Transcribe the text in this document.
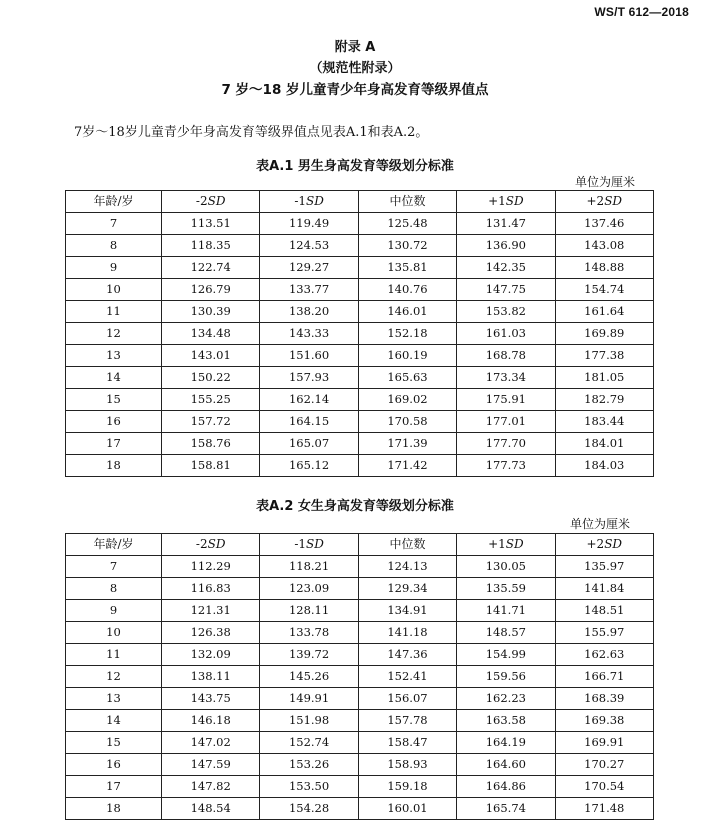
WS/T 612—2018
附录 A
（规范性附录）
7 岁～18 岁儿童青少年身高发育等级界值点
7岁～18岁儿童青少年身高发育等级界值点见表A.1和表A.2。
表A.1 男生身高发育等级划分标准
单位为厘米
年龄/岁	-2SD	-1SD	中位数	+1SD	+2SD
7	113.51	119.49	125.48	131.47	137.46
8	118.35	124.53	130.72	136.90	143.08
9	122.74	129.27	135.81	142.35	148.88
10	126.79	133.77	140.76	147.75	154.74
11	130.39	138.20	146.01	153.82	161.64
12	134.48	143.33	152.18	161.03	169.89
13	143.01	151.60	160.19	168.78	177.38
14	150.22	157.93	165.63	173.34	181.05
15	155.25	162.14	169.02	175.91	182.79
16	157.72	164.15	170.58	177.01	183.44
17	158.76	165.07	171.39	177.70	184.01
18	158.81	165.12	171.42	177.73	184.03
表A.2 女生身高发育等级划分标准
单位为厘米
年龄/岁	-2SD	-1SD	中位数	+1SD	+2SD
7	112.29	118.21	124.13	130.05	135.97
8	116.83	123.09	129.34	135.59	141.84
9	121.31	128.11	134.91	141.71	148.51
10	126.38	133.78	141.18	148.57	155.97
11	132.09	139.72	147.36	154.99	162.63
12	138.11	145.26	152.41	159.56	166.71
13	143.75	149.91	156.07	162.23	168.39
14	146.18	151.98	157.78	163.58	169.38
15	147.02	152.74	158.47	164.19	169.91
16	147.59	153.26	158.93	164.60	170.27
17	147.82	153.50	159.18	164.86	170.54
18	148.54	154.28	160.01	165.74	171.48
